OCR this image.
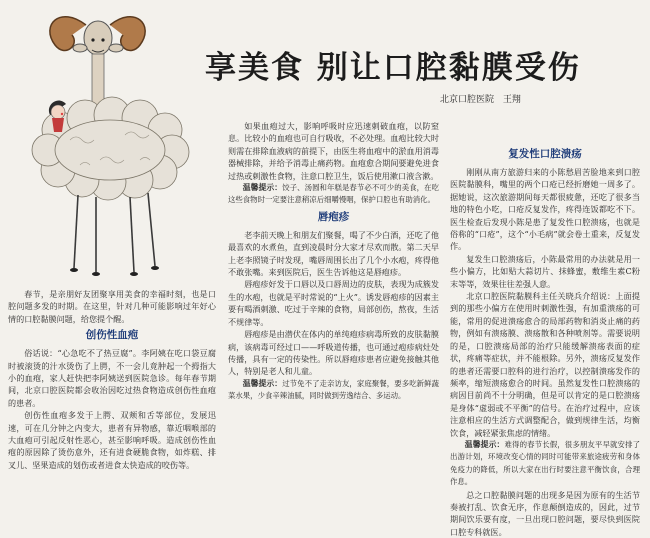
享美食 别让口腔黏膜受伤
北京口腔医院 王翔

春节，是亲朋好友团聚享用美食的幸福时刻，也是口腔问题多发的时期。在这里，针对几种可能影响过年好心情的口腔黏膜问题，给您提个醒。

创伤性血疱

俗话说：“心急吃不了热豆腐”。李阿姨在吃口袋豆腐时被滚烫的汁水烫伤了上腭，不一会儿竟肿起一个拇指大小的血疱，家人赶快把李阿姨送到医院急诊。每年春节期间，北京口腔医院都会收治因吃过热食物造成创伤性血疱的患者。

创伤性血疱多发于上腭、双颊和舌等部位，发展迅速，可在几分钟之内变大，患者有异物感，靠近咽喉部的大血疱可引起反射性恶心，甚至影响呼吸。造成创伤性血疱的原因除了烫伤意外，还有进食硬脆食物，如炸糕、排叉儿、坚果造成的划伤或者进食太快造成的咬伤等。

如果血疱过大，影响呼吸时应迅速刺破血疱，以防窒息。比较小的血疱也可自行吸收，不必处理。血疱比较大时则需在排除血液病的前提下，由医生将血疱中的淤血用消毒器械排除，并给予消毒止痛药物。血疱愈合期间要避免进食过热或刺激性食物，注意口腔卫生，饭后使用漱口液含漱。

温馨提示：饺子、汤圆和年糕是春节必不可少的美食，在吃这些食物时一定要注意稍凉后细嚼慢咽，保护口腔也有助消化。

唇疱疹

老李前天晚上和朋友们聚餐，喝了不少白酒，还吃了他最喜欢的水煮鱼，直到凌晨时分大家才尽欢而散。第二天早上老李照镜子时发现，嘴唇周围长出了几个小水疱，疼得他不敢张嘴。来到医院后，医生告诉他这是唇疱疹。

唇疱疹好发于口唇以及口唇周边的皮肤，表现为成簇发生的水疱，也就是平时常说的“上火”。诱发唇疱疹的因素主要有喝酒刺激、吃过于辛辣的食物，局部创伤，熬夜，生活不规律等。

唇疱疹是由潜伏在体内的单纯疱疹病毒所致的皮肤黏膜病，该病毒可经过口——呼吸道传播，也可通过疱疹病灶处传播，具有一定的传染性。所以唇疱疹患者应避免接触其他人，特别是老人和儿童。

温馨提示：过节免不了走亲访友，家庭聚餐，要多吃新鲜蔬菜水果，少食辛辣油腻，同时做到劳逸结合、多运动。

复发性口腔溃疡

刚刚从南方旅游归来的小陈愁眉苦脸地来到口腔医院黏膜科，嘴里的两个口疮已经折磨她一周多了。据她说，这次旅游期间每天都很疲惫，还吃了很多当地的特色小吃，口疮反复发作，疼得连饭都吃不下。医生检查后发现小陈是患了复发性口腔溃疡，也就是俗称的“口疮”，这个“小毛病”就会卷土重来，反复发作。

复发生口腔溃疡后，小陈最常用的办法就是用一些小偏方，比如贴大蒜切片、抹蜂蜜，敷维生素C粉末等等，效果往往差强人意。

北京口腔医院黏膜科主任关晓兵介绍说：上面提到的那些小偏方在使用时刺激性强，有加重溃疡的可能，常用的促进溃疡愈合的局部药物和消炎止痛的药物，例如有溃疡膜、溃疡散和各种喷剂等。需要说明的是，口腔溃疡局部的治疗只能缓解溃疡表面的症状，疼痛等症状，并不能根除。另外，溃疡反复发作的患者还需要口腔科的进行治疗，以控制溃疡发作的频率，缩短溃疡愈合的时间。虽然复发性口腔溃疡的病因目前尚不十分明确，但是可以肯定的是口腔溃疡是身体“虚弱或不平衡”的信号。在治疗过程中，应该注意相应的生活方式调整配合，做到规律生活，均衡饮食，减轻紧张焦虑的情绪。

温馨提示：难得的春节长假，很多朋友平早就安排了出游计划，环境改变心情的同时可能带来旅途疲劳和身体免疫力的降低，所以大家在出行时要注意平衡饮食，合理作息。

总之口腔黏膜问题的出现多是因为原有的生活节奏被打乱、饮食无序，作息颠倒造成的，因此，过节期间饮乐要有度，一旦出现口腔问题，要尽快到医院口腔专科就医。
